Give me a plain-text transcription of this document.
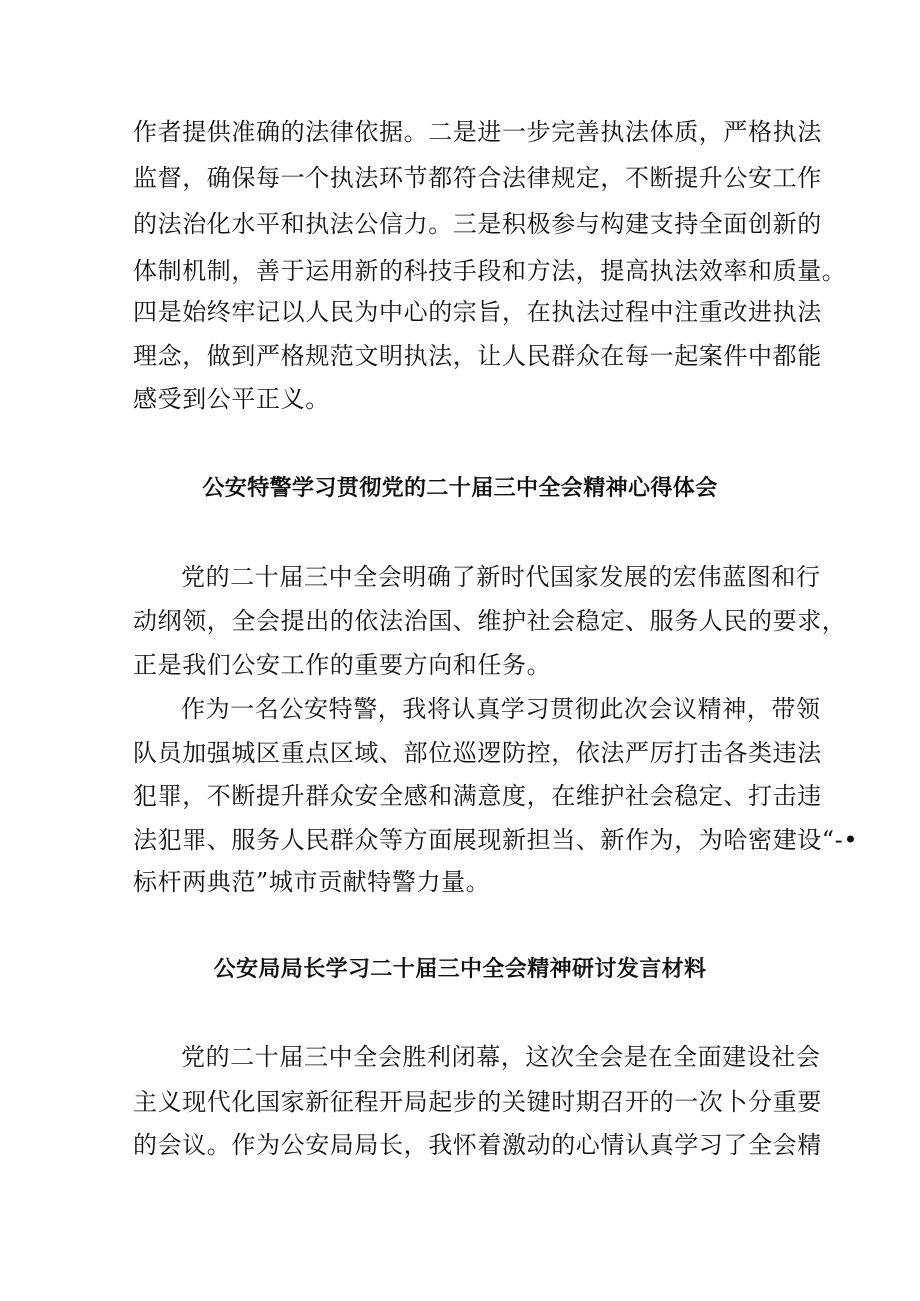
作者提供准确的法律依据。二是进一步完善执法体质，严格执法
监督，确保每一个执法环节都符合法律规定，不断提升公安工作
的法治化水平和执法公信力。三是积极参与构建支持全面创新的
体制机制，善于运用新的科技手段和方法，提高执法效率和质量。
四是始终牢记以人民为中心的宗旨，在执法过程中注重改进执法
理念，做到严格规范文明执法，让人民群众在每一起案件中都能
感受到公平正义。
公安特警学习贯彻党的二十届三中全会精神心得体会
党的二十届三中全会明确了新时代国家发展的宏伟蓝图和行
动纲领，全会提出的依法治国、维护社会稳定、服务人民的要求，
正是我们公安工作的重要方向和任务。
作为一名公安特警，我将认真学习贯彻此次会议精神，带领
队员加强城区重点区域、部位巡逻防控，依法严厉打击各类违法
犯罪，不断提升群众安全感和满意度，在维护社会稳定、打击违
法犯罪、服务人民群众等方面展现新担当、新作为，为哈密建设“-•
标杆两典范”城市贡献特警力量。
公安局局长学习二十届三中全会精神研讨发言材料
党的二十届三中全会胜利闭幕，这次全会是在全面建设社会
主义现代化国家新征程开局起步的关键时期召开的一次卜分重要
的会议。作为公安局局长，我怀着激动的心情认真学习了全会精
